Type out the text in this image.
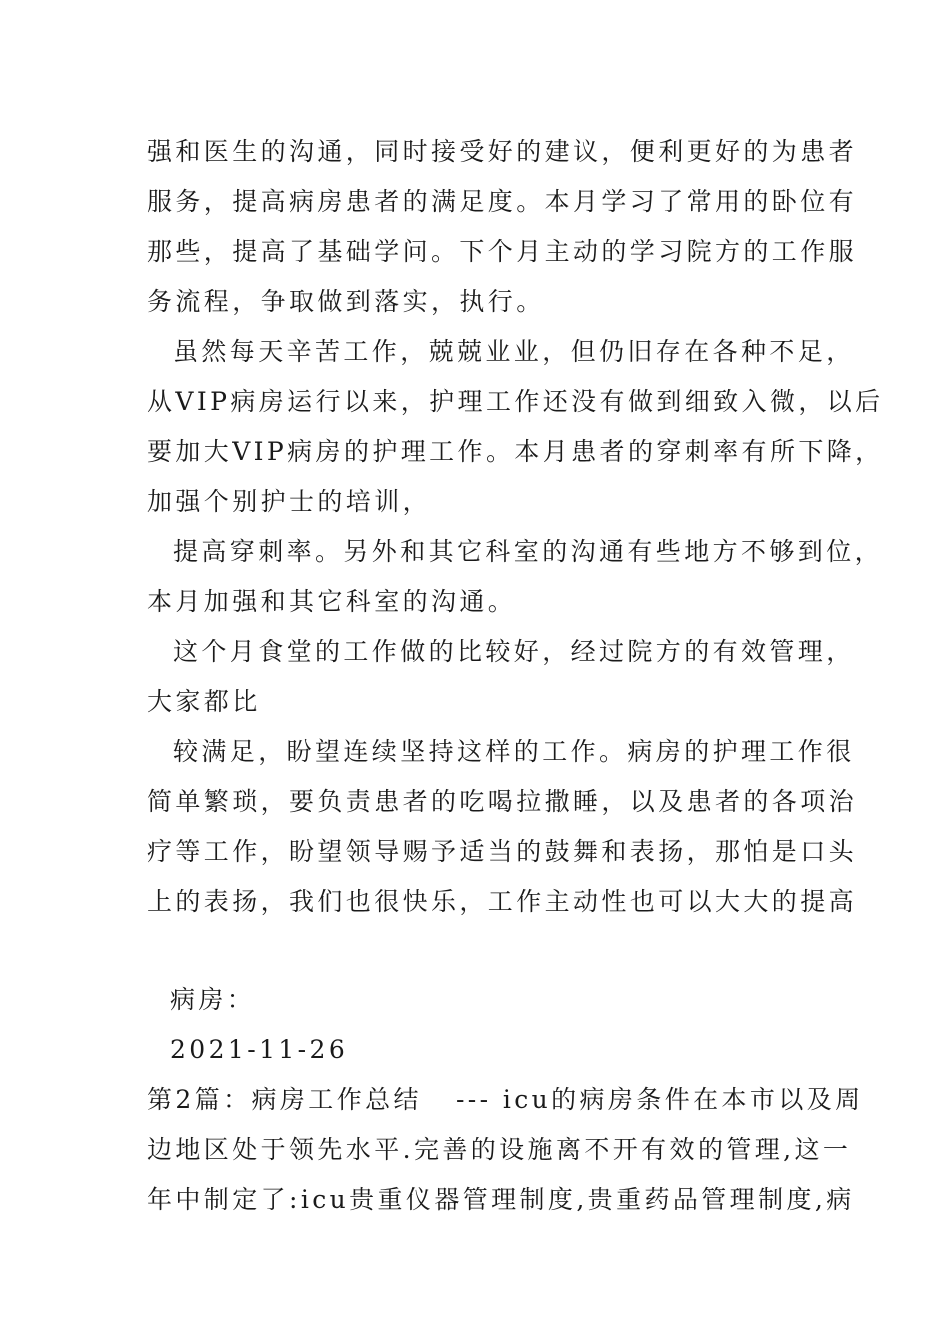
强和医生的沟通，同时接受好的建议，便利更好的为患者
服务，提高病房患者的满足度。本月学习了常用的卧位有
那些，提高了基础学问。下个月主动的学习院方的工作服
务流程，争取做到落实，执行。
虽然每天辛苦工作，兢兢业业，但仍旧存在各种不足，
从VIP病房运行以来，护理工作还没有做到细致入微，以后
要加大VIP病房的护理工作。本月患者的穿刺率有所下降，
加强个别护士的培训，
提高穿刺率。另外和其它科室的沟通有些地方不够到位，
本月加强和其它科室的沟通。
这个月食堂的工作做的比较好，经过院方的有效管理，
大家都比
较满足，盼望连续坚持这样的工作。病房的护理工作很
简单繁琐，要负责患者的吃喝拉撒睡，以及患者的各项治
疗等工作，盼望领导赐予适当的鼓舞和表扬，那怕是口头
上的表扬，我们也很快乐，工作主动性也可以大大的提高
病房：
2021-11-26
第2篇：病房工作总结   --- icu的病房条件在本市以及周
边地区处于领先水平.完善的设施离不开有效的管理,这一
年中制定了:icu贵重仪器管理制度,贵重药品管理制度,病
